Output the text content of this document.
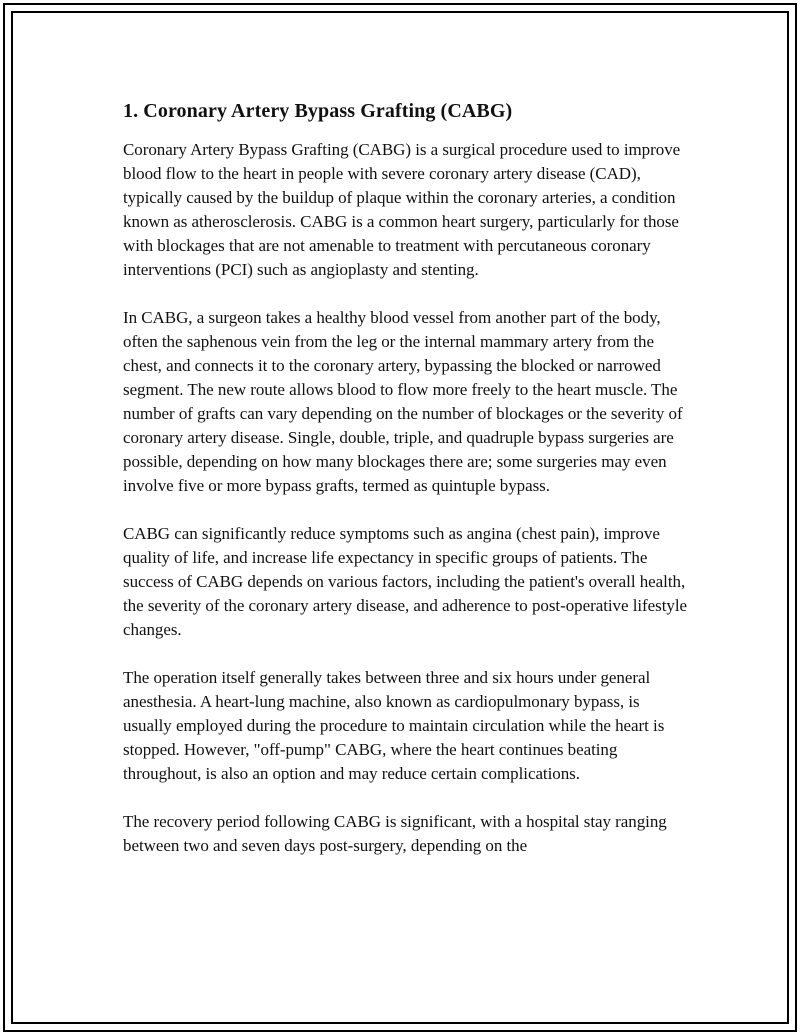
1. Coronary Artery Bypass Grafting (CABG)

Coronary Artery Bypass Grafting (CABG) is a surgical procedure used to improve blood flow to the heart in people with severe coronary artery disease (CAD), typically caused by the buildup of plaque within the coronary arteries, a condition known as atherosclerosis. CABG is a common heart surgery, particularly for those with blockages that are not amenable to treatment with percutaneous coronary interventions (PCI) such as angioplasty and stenting.

In CABG, a surgeon takes a healthy blood vessel from another part of the body, often the saphenous vein from the leg or the internal mammary artery from the chest, and connects it to the coronary artery, bypassing the blocked or narrowed segment. The new route allows blood to flow more freely to the heart muscle. The number of grafts can vary depending on the number of blockages or the severity of coronary artery disease. Single, double, triple, and quadruple bypass surgeries are possible, depending on how many blockages there are; some surgeries may even involve five or more bypass grafts, termed as quintuple bypass.

CABG can significantly reduce symptoms such as angina (chest pain), improve quality of life, and increase life expectancy in specific groups of patients. The success of CABG depends on various factors, including the patient's overall health, the severity of the coronary artery disease, and adherence to post-operative lifestyle changes.

The operation itself generally takes between three and six hours under general anesthesia. A heart-lung machine, also known as cardiopulmonary bypass, is usually employed during the procedure to maintain circulation while the heart is stopped. However, "off-pump" CABG, where the heart continues beating throughout, is also an option and may reduce certain complications.

The recovery period following CABG is significant, with a hospital stay ranging between two and seven days post-surgery, depending on the
